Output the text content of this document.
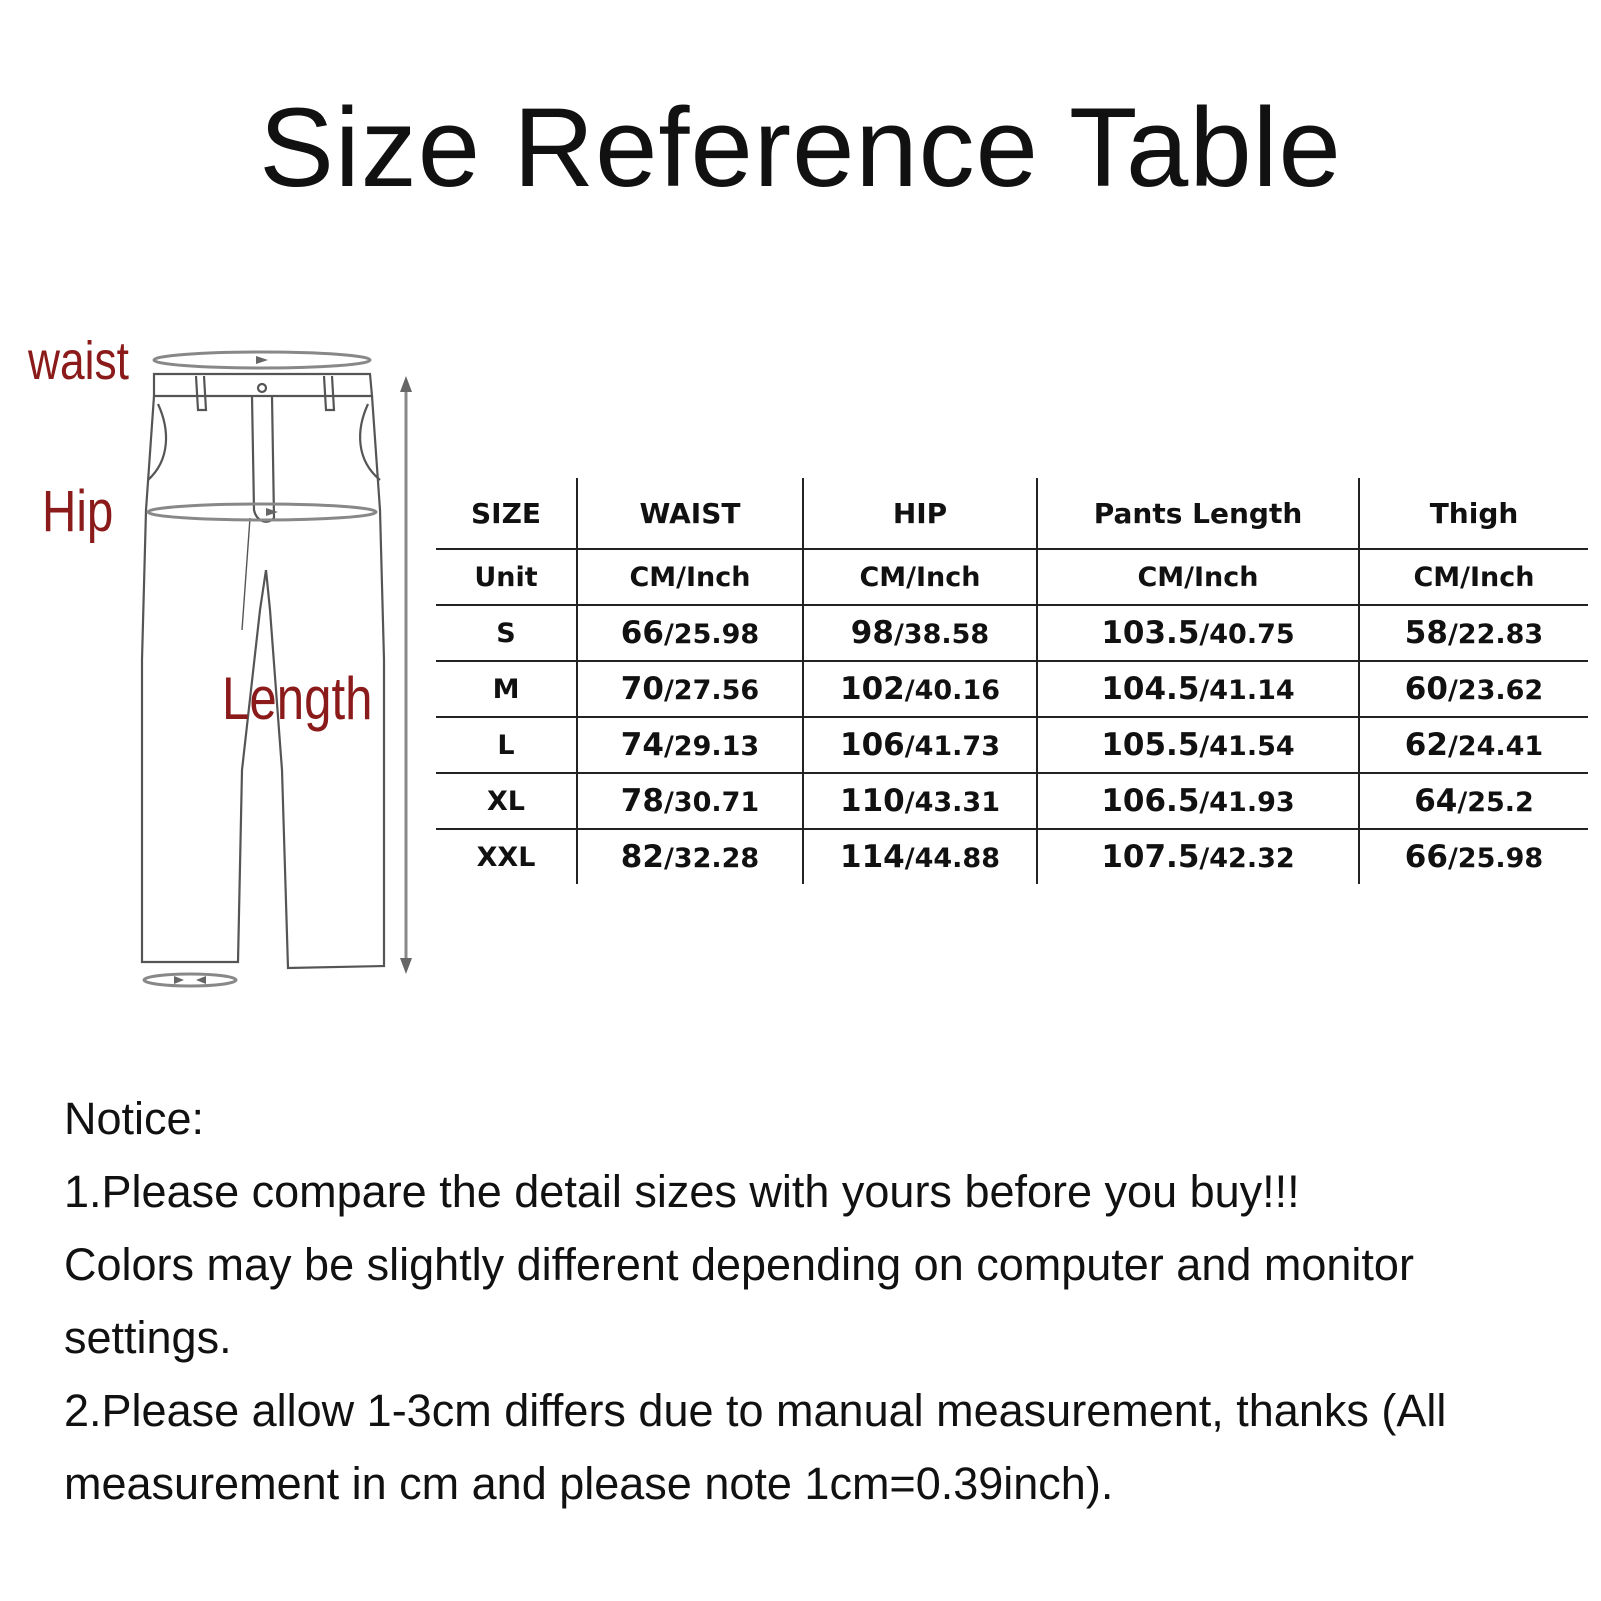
Size Reference Table
waist
Hip
Length
SIZE	WAIST	HIP	Pants Length	Thigh
Unit	CM/Inch	CM/Inch	CM/Inch	CM/Inch
S	66/25.98	98/38.58	103.5/40.75	58/22.83
M	70/27.56	102/40.16	104.5/41.14	60/23.62
L	74/29.13	106/41.73	105.5/41.54	62/24.41
XL	78/30.71	110/43.31	106.5/41.93	64/25.2
XXL	82/32.28	114/44.88	107.5/42.32	66/25.98
Notice:
1.Please compare the detail sizes with yours before you buy!!!
Colors may be slightly different depending on computer and monitor
settings.
2.Please allow 1-3cm differs due to manual measurement, thanks (All
measurement in cm and please note 1cm=0.39inch).
